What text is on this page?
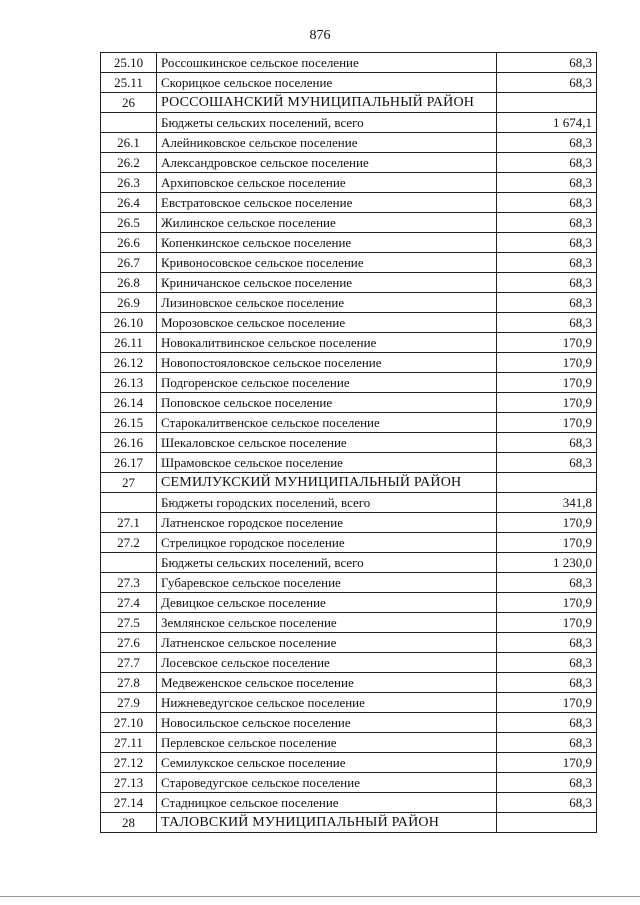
876
25.10	Россошкинское сельское поселение	68,3
25.11	Скорицкое сельское поселение	68,3
26	РОССОШАНСКИЙ МУНИЦИПАЛЬНЫЙ РАЙОН	
	Бюджеты сельских поселений, всего	1 674,1
26.1	Алейниковское сельское поселение	68,3
26.2	Александровское сельское поселение	68,3
26.3	Архиповское сельское поселение	68,3
26.4	Евстратовское сельское поселение	68,3
26.5	Жилинское сельское поселение	68,3
26.6	Копенкинское сельское поселение	68,3
26.7	Кривоносовское сельское поселение	68,3
26.8	Криничанское сельское поселение	68,3
26.9	Лизиновское сельское поселение	68,3
26.10	Морозовское сельское поселение	68,3
26.11	Новокалитвинское сельское поселение	170,9
26.12	Новопостояловское сельское поселение	170,9
26.13	Подгоренское сельское поселение	170,9
26.14	Поповское сельское поселение	170,9
26.15	Старокалитвенское сельское поселение	170,9
26.16	Шекаловское сельское поселение	68,3
26.17	Шрамовское сельское поселение	68,3
27	СЕМИЛУКСКИЙ МУНИЦИПАЛЬНЫЙ РАЙОН	
	Бюджеты городских поселений, всего	341,8
27.1	Латненское городское поселение	170,9
27.2	Стрелицкое городское поселение	170,9
	Бюджеты сельских поселений, всего	1 230,0
27.3	Губаревское сельское поселение	68,3
27.4	Девицкое сельское поселение	170,9
27.5	Землянское сельское поселение	170,9
27.6	Латненское сельское поселение	68,3
27.7	Лосевское сельское поселение	68,3
27.8	Медвеженское сельское поселение	68,3
27.9	Нижневедугское сельское поселение	170,9
27.10	Новосильское сельское поселение	68,3
27.11	Перлевское сельское поселение	68,3
27.12	Семилукское сельское поселение	170,9
27.13	Староведугское сельское поселение	68,3
27.14	Стадницкое сельское поселение	68,3
28	ТАЛОВСКИЙ МУНИЦИПАЛЬНЫЙ РАЙОН	
